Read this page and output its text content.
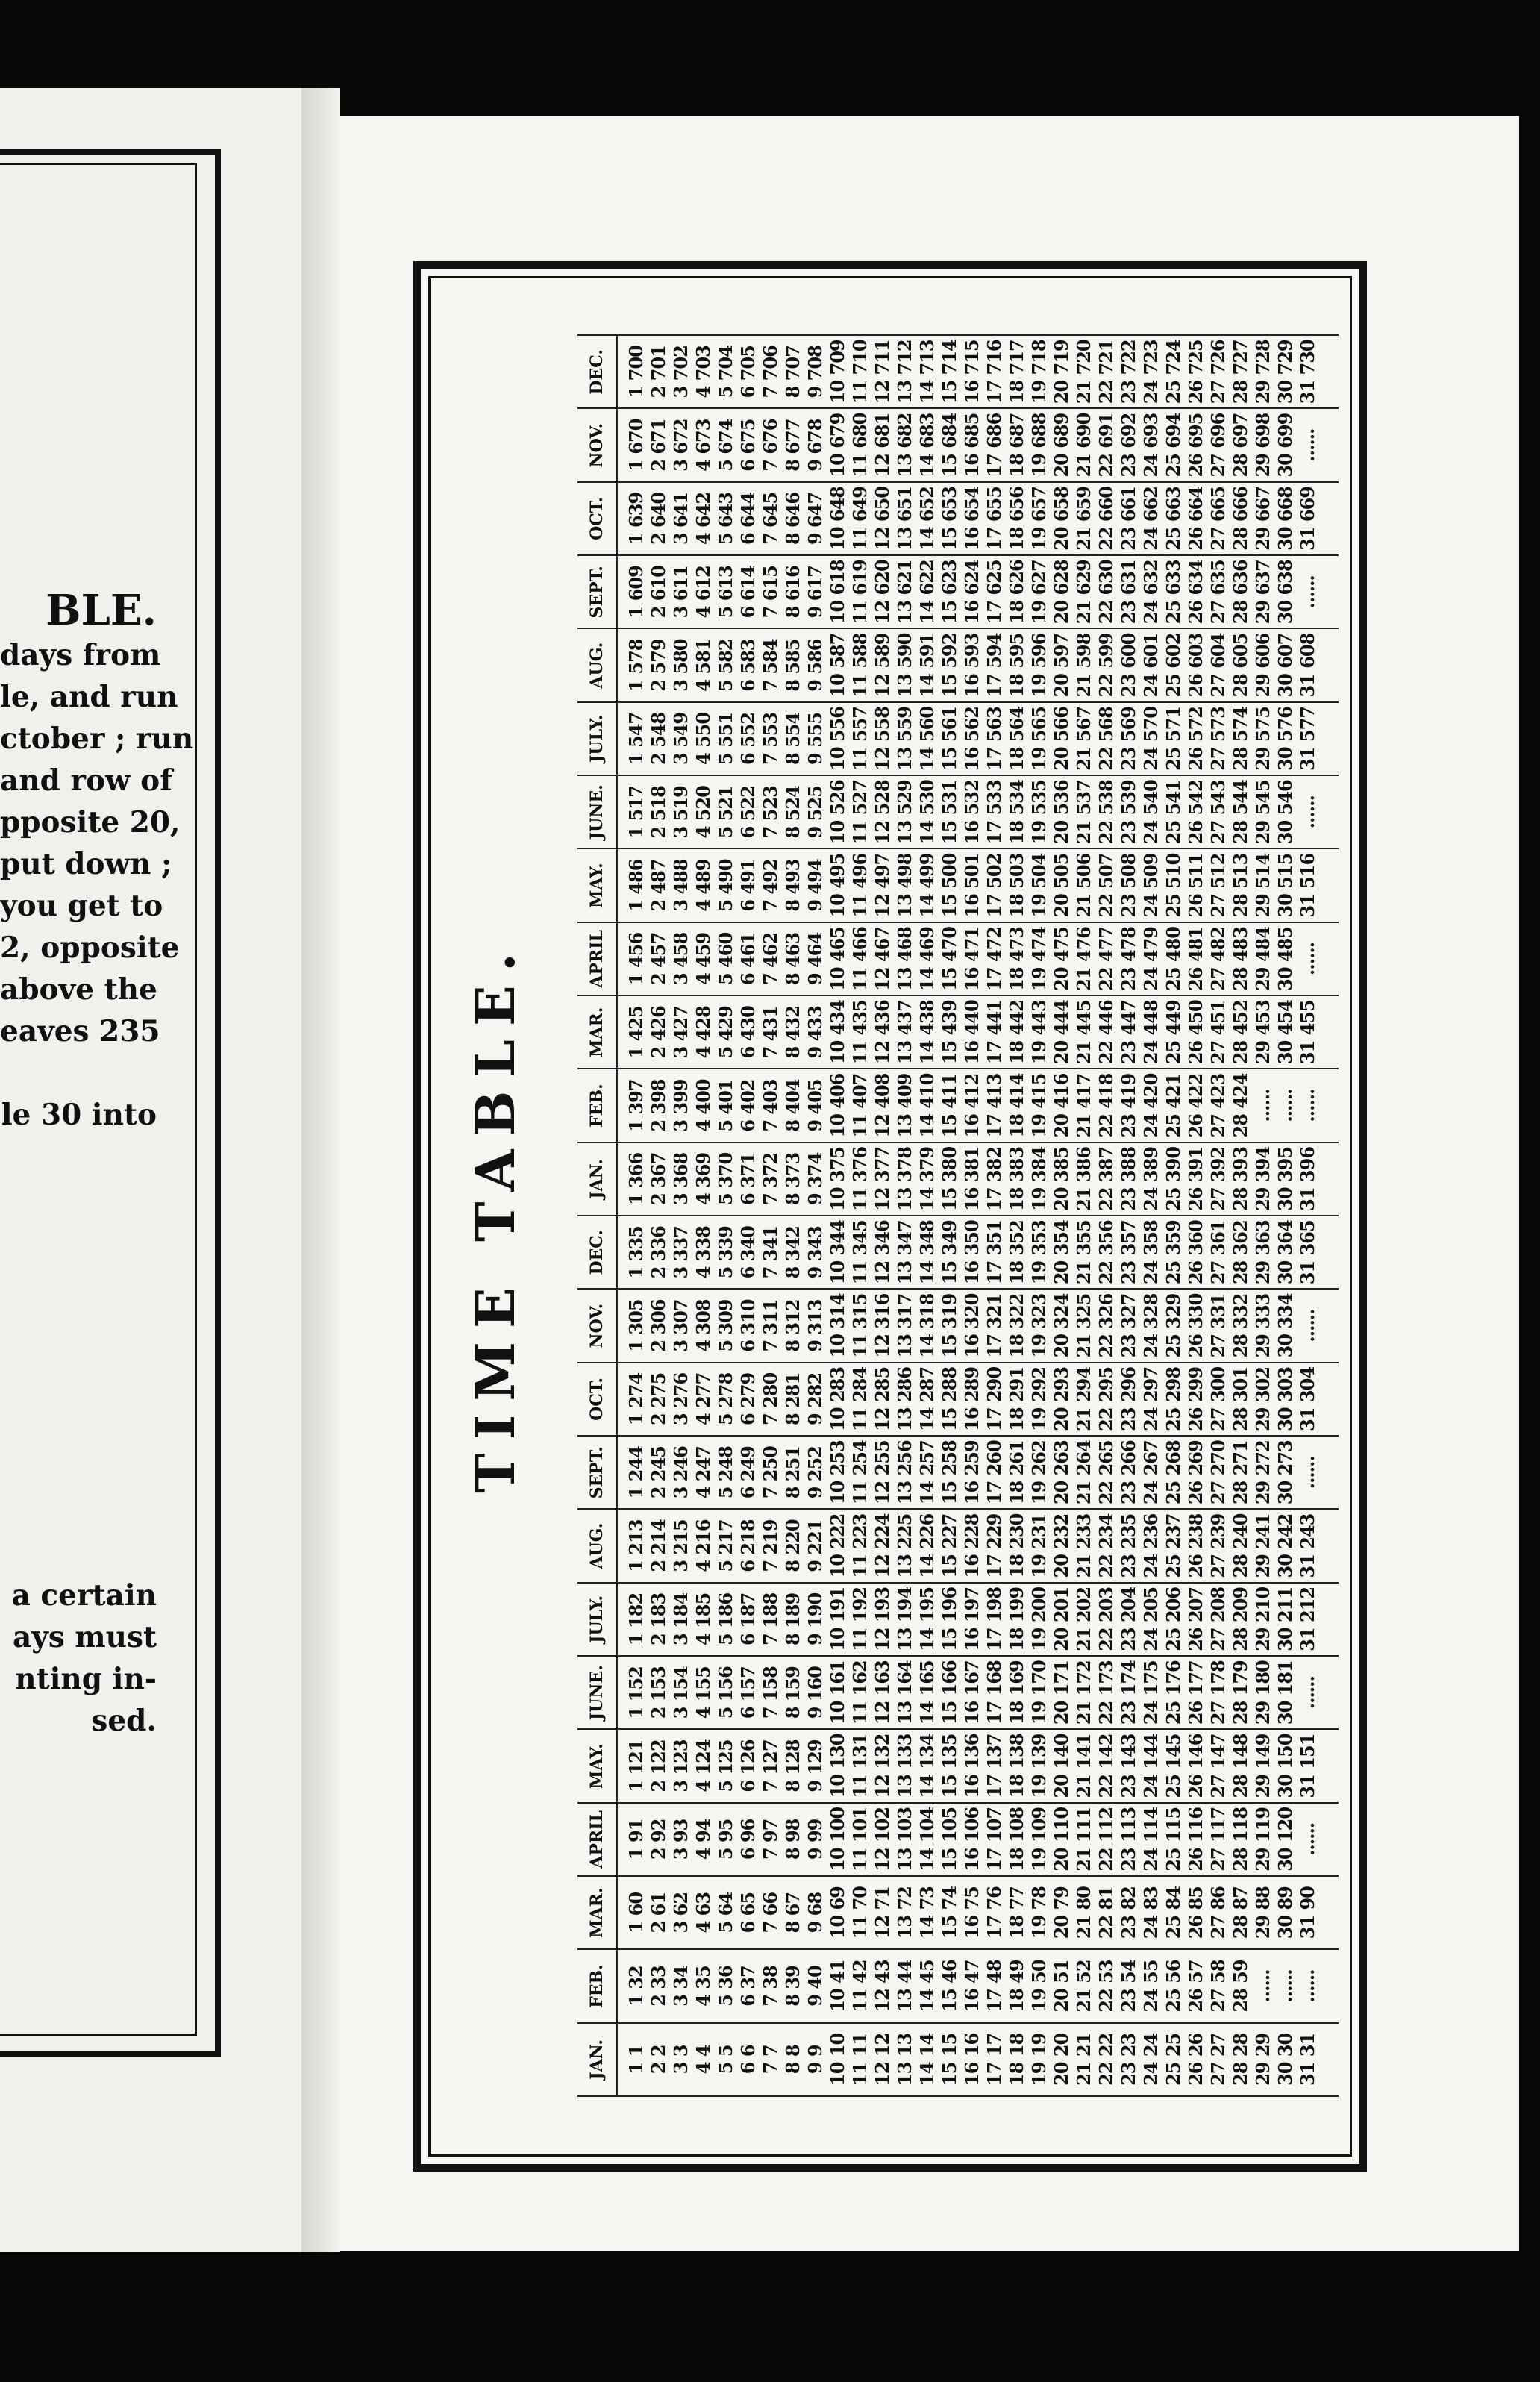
BLE.
days from
le, and run
ctober ; run
and row of
pposite 20,
put down ;
you get to
2, opposite
above the
eaves 235
le 30 into
a certain
ays must
nting in-
sed.
TIME TABLE.
JAN.	1 1 2 2 3 3 4 4 5 5 6 6 7 7 8 8 9 9 10 10 11 11 12 12 13 13 14 14 15 15 16 16 17 17 18 18 19 19 20 20 21 21 22 22 23 23 24 24 25 25 26 26 27 27 28 28 29 29 30 30 31 31
FEB.	1 32 2 33 3 34 4 35 5 36 6 37 7 38 8 39 9 40 10 41 11 42 12 43 13 44 14 45 15 46 16 47 17 48 18 49 19 50 20 51 21 52 22 53 23 54 24 55 25 56 26 57 27 58 28 59 ...... ...... ......
MAR.	1 60 2 61 3 62 4 63 5 64 6 65 7 66 8 67 9 68 10 69 11 70 12 71 13 72 14 73 15 74 16 75 17 76 18 77 19 78 20 79 21 80 22 81 23 82 24 83 25 84 26 85 27 86 28 87 29 88 30 89 31 90
APRIL	1 91 2 92 3 93 4 94 5 95 6 96 7 97 8 98 9 99 10 100 11 101 12 102 13 103 14 104 15 105 16 106 17 107 18 108 19 109 20 110 21 111 22 112 23 113 24 114 25 115 26 116 27 117 28 118 29 119 30 120 ......
MAY.	1 121 2 122 3 123 4 124 5 125 6 126 7 127 8 128 9 129 10 130 11 131 12 132 13 133 14 134 15 135 16 136 17 137 18 138 19 139 20 140 21 141 22 142 23 143 24 144 25 145 26 146 27 147 28 148 29 149 30 150 31 151
JUNE.	1 152 2 153 3 154 4 155 5 156 6 157 7 158 8 159 9 160 10 161 11 162 12 163 13 164 14 165 15 166 16 167 17 168 18 169 19 170 20 171 21 172 22 173 23 174 24 175 25 176 26 177 27 178 28 179 29 180 30 181 ......
JULY.	1 182 2 183 3 184 4 185 5 186 6 187 7 188 8 189 9 190 10 191 11 192 12 193 13 194 14 195 15 196 16 197 17 198 18 199 19 200 20 201 21 202 22 203 23 204 24 205 25 206 26 207 27 208 28 209 29 210 30 211 31 212
AUG.	1 213 2 214 3 215 4 216 5 217 6 218 7 219 8 220 9 221 10 222 11 223 12 224 13 225 14 226 15 227 16 228 17 229 18 230 19 231 20 232 21 233 22 234 23 235 24 236 25 237 26 238 27 239 28 240 29 241 30 242 31 243
SEPT.	1 244 2 245 3 246 4 247 5 248 6 249 7 250 8 251 9 252 10 253 11 254 12 255 13 256 14 257 15 258 16 259 17 260 18 261 19 262 20 263 21 264 22 265 23 266 24 267 25 268 26 269 27 270 28 271 29 272 30 273 ......
OCT.	1 274 2 275 3 276 4 277 5 278 6 279 7 280 8 281 9 282 10 283 11 284 12 285 13 286 14 287 15 288 16 289 17 290 18 291 19 292 20 293 21 294 22 295 23 296 24 297 25 298 26 299 27 300 28 301 29 302 30 303 31 304
NOV.	1 305 2 306 3 307 4 308 5 309 6 310 7 311 8 312 9 313 10 314 11 315 12 316 13 317 14 318 15 319 16 320 17 321 18 322 19 323 20 324 21 325 22 326 23 327 24 328 25 329 26 330 27 331 28 332 29 333 30 334 ......
DEC.	1 335 2 336 3 337 4 338 5 339 6 340 7 341 8 342 9 343 10 344 11 345 12 346 13 347 14 348 15 349 16 350 17 351 18 352 19 353 20 354 21 355 22 356 23 357 24 358 25 359 26 360 27 361 28 362 29 363 30 364 31 365
JAN.	1 366 2 367 3 368 4 369 5 370 6 371 7 372 8 373 9 374 10 375 11 376 12 377 13 378 14 379 15 380 16 381 17 382 18 383 19 384 20 385 21 386 22 387 23 388 24 389 25 390 26 391 27 392 28 393 29 394 30 395 31 396
FEB.	1 397 2 398 3 399 4 400 5 401 6 402 7 403 8 404 9 405 10 406 11 407 12 408 13 409 14 410 15 411 16 412 17 413 18 414 19 415 20 416 21 417 22 418 23 419 24 420 25 421 26 422 27 423 28 424 ...... ...... ......
MAR.	1 425 2 426 3 427 4 428 5 429 6 430 7 431 8 432 9 433 10 434 11 435 12 436 13 437 14 438 15 439 16 440 17 441 18 442 19 443 20 444 21 445 22 446 23 447 24 448 25 449 26 450 27 451 28 452 29 453 30 454 31 455
APRIL	1 456 2 457 3 458 4 459 5 460 6 461 7 462 8 463 9 464 10 465 11 466 12 467 13 468 14 469 15 470 16 471 17 472 18 473 19 474 20 475 21 476 22 477 23 478 24 479 25 480 26 481 27 482 28 483 29 484 30 485 ......
MAY.	1 486 2 487 3 488 4 489 5 490 6 491 7 492 8 493 9 494 10 495 11 496 12 497 13 498 14 499 15 500 16 501 17 502 18 503 19 504 20 505 21 506 22 507 23 508 24 509 25 510 26 511 27 512 28 513 29 514 30 515 31 516
JUNE.	1 517 2 518 3 519 4 520 5 521 6 522 7 523 8 524 9 525 10 526 11 527 12 528 13 529 14 530 15 531 16 532 17 533 18 534 19 535 20 536 21 537 22 538 23 539 24 540 25 541 26 542 27 543 28 544 29 545 30 546 ......
JULY.	1 547 2 548 3 549 4 550 5 551 6 552 7 553 8 554 9 555 10 556 11 557 12 558 13 559 14 560 15 561 16 562 17 563 18 564 19 565 20 566 21 567 22 568 23 569 24 570 25 571 26 572 27 573 28 574 29 575 30 576 31 577
AUG.	1 578 2 579 3 580 4 581 5 582 6 583 7 584 8 585 9 586 10 587 11 588 12 589 13 590 14 591 15 592 16 593 17 594 18 595 19 596 20 597 21 598 22 599 23 600 24 601 25 602 26 603 27 604 28 605 29 606 30 607 31 608
SEPT.	1 609 2 610 3 611 4 612 5 613 6 614 7 615 8 616 9 617 10 618 11 619 12 620 13 621 14 622 15 623 16 624 17 625 18 626 19 627 20 628 21 629 22 630 23 631 24 632 25 633 26 634 27 635 28 636 29 637 30 638 ......
OCT.	1 639 2 640 3 641 4 642 5 643 6 644 7 645 8 646 9 647 10 648 11 649 12 650 13 651 14 652 15 653 16 654 17 655 18 656 19 657 20 658 21 659 22 660 23 661 24 662 25 663 26 664 27 665 28 666 29 667 30 668 31 669
NOV.	1 670 2 671 3 672 4 673 5 674 6 675 7 676 8 677 9 678 10 679 11 680 12 681 13 682 14 683 15 684 16 685 17 686 18 687 19 688 20 689 21 690 22 691 23 692 24 693 25 694 26 695 27 696 28 697 29 698 30 699 ......
DEC.	1 700 2 701 3 702 4 703 5 704 6 705 7 706 8 707 9 708 10 709 11 710 12 711 13 712 14 713 15 714 16 715 17 716 18 717 19 718 20 719 21 720 22 721 23 722 24 723 25 724 26 725 27 726 28 727 29 728 30 729 31 730
